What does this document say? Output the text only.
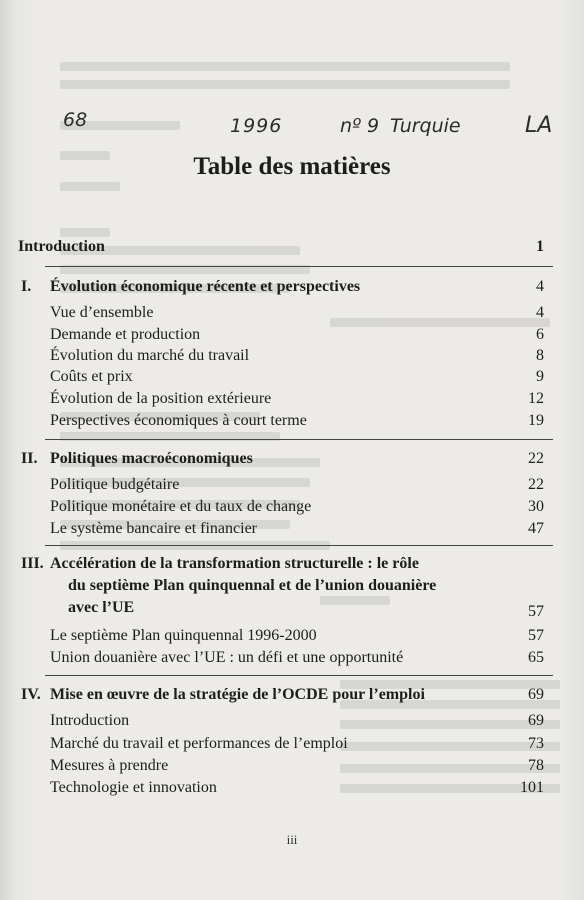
68	1996	nº 9 Turquie	LA
Table des matières
Introduction	1
I. Évolution économique récente et perspectives	4
Vue d’ensemble	4
Demande et production	6
Évolution du marché du travail	8
Coûts et prix	9
Évolution de la position extérieure	12
Perspectives économiques à court terme	19
II. Politiques macroéconomiques	22
Politique budgétaire	22
Politique monétaire et du taux de change	30
Le système bancaire et financier	47
III. Accélération de la transformation structurelle : le rôle
du septième Plan quinquennal et de l’union douanière
avec l’UE	57
Le septième Plan quinquennal 1996-2000	57
Union douanière avec l’UE : un défi et une opportunité	65
IV. Mise en œuvre de la stratégie de l’OCDE pour l’emploi	69
Introduction	69
Marché du travail et performances de l’emploi	73
Mesures à prendre	78
Technologie et innovation	101
iii
